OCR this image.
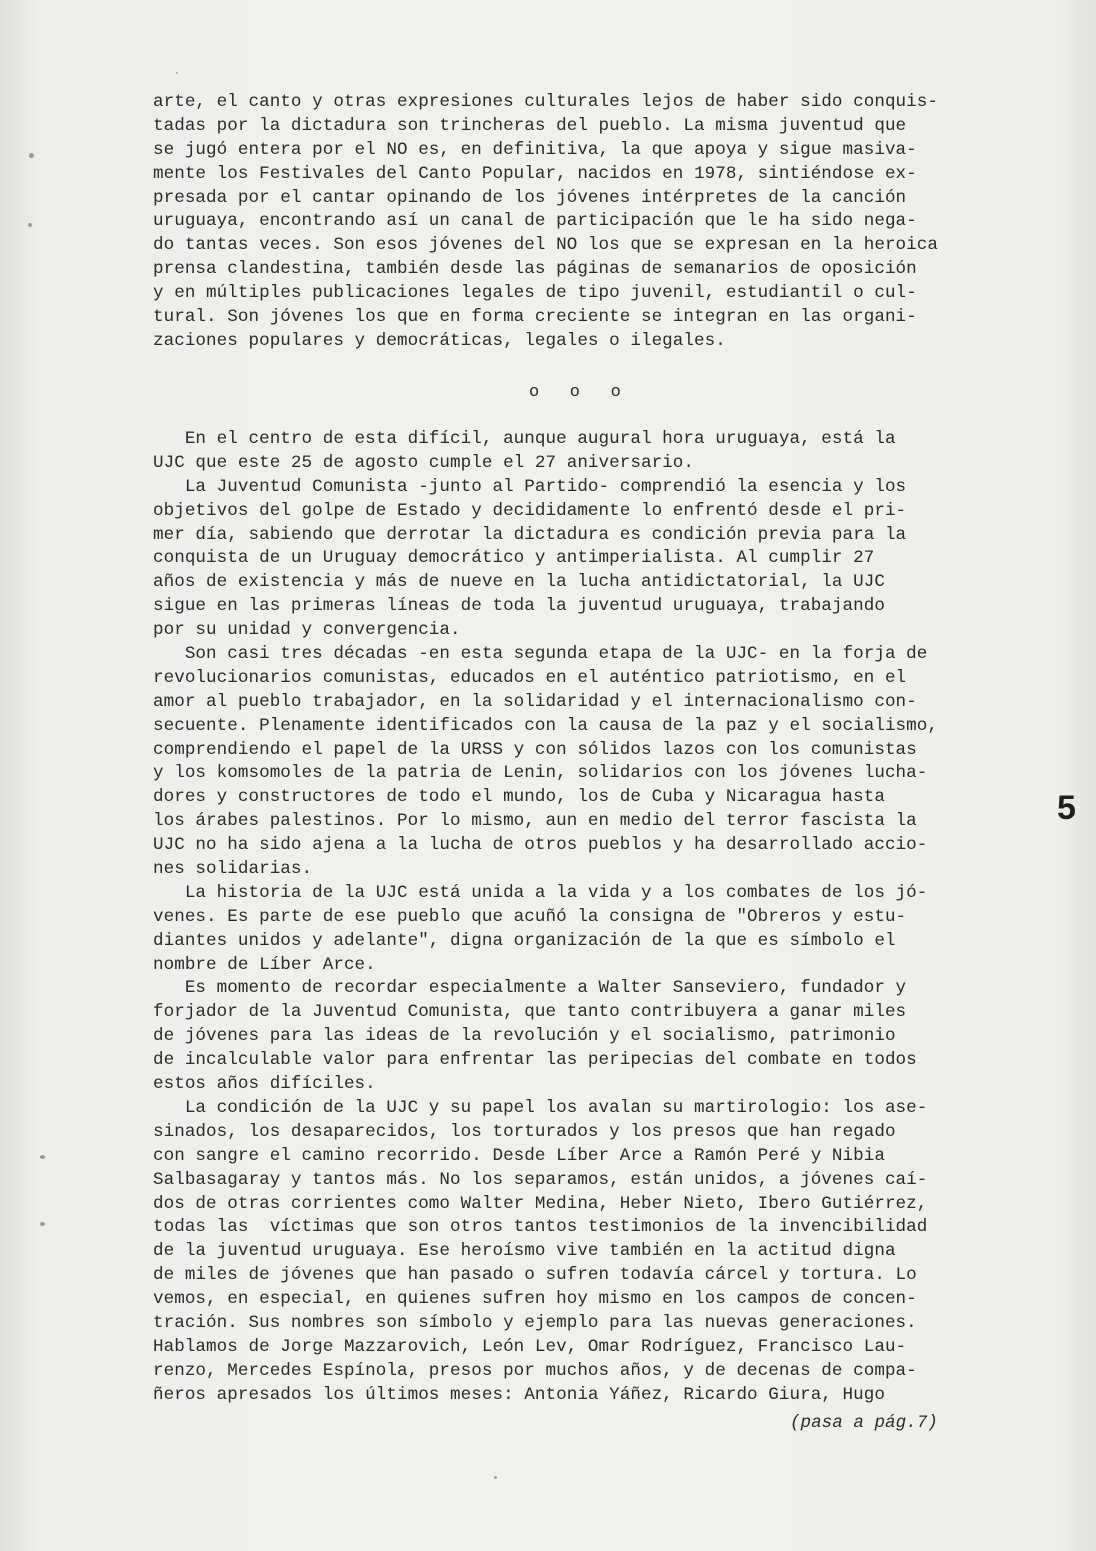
arte, el canto y otras expresiones culturales lejos de haber sido conquis-
tadas por la dictadura son trincheras del pueblo. La misma juventud que
se jugó entera por el NO es, en definitiva, la que apoya y sigue masiva-
mente los Festivales del Canto Popular, nacidos en 1978, sintiéndose ex-
presada por el cantar opinando de los jóvenes intérpretes de la canción
uruguaya, encontrando así un canal de participación que le ha sido nega-
do tantas veces. Son esos jóvenes del NO los que se expresan en la heroica
prensa clandestina, también desde las páginas de semanarios de oposición
y en múltiples publicaciones legales de tipo juvenil, estudiantil o cul-
tural. Son jóvenes los que en forma creciente se integran en las organi-
zaciones populares y democráticas, legales o ilegales.
o   o   o
En el centro de esta difícil, aunque augural hora uruguaya, está la
UJC que este 25 de agosto cumple el 27 aniversario.
La Juventud Comunista -junto al Partido- comprendió la esencia y los
objetivos del golpe de Estado y decididamente lo enfrentó desde el pri-
mer día, sabiendo que derrotar la dictadura es condición previa para la
conquista de un Uruguay democrático y antimperialista. Al cumplir 27
años de existencia y más de nueve en la lucha antidictatorial, la UJC
sigue en las primeras líneas de toda la juventud uruguaya, trabajando
por su unidad y convergencia.
Son casi tres décadas -en esta segunda etapa de la UJC- en la forja de
revolucionarios comunistas, educados en el auténtico patriotismo, en el
amor al pueblo trabajador, en la solidaridad y el internacionalismo con-
secuente. Plenamente identificados con la causa de la paz y el socialismo,
comprendiendo el papel de la URSS y con sólidos lazos con los comunistas
y los komsomoles de la patria de Lenin, solidarios con los jóvenes lucha-
dores y constructores de todo el mundo, los de Cuba y Nicaragua hasta
los árabes palestinos. Por lo mismo, aun en medio del terror fascista la
UJC no ha sido ajena a la lucha de otros pueblos y ha desarrollado accio-
nes solidarias.
La historia de la UJC está unida a la vida y a los combates de los jó-
venes. Es parte de ese pueblo que acuñó la consigna de "Obreros y estu-
diantes unidos y adelante", digna organización de la que es símbolo el
nombre de Líber Arce.
Es momento de recordar especialmente a Walter Sanseviero, fundador y
forjador de la Juventud Comunista, que tanto contribuyera a ganar miles
de jóvenes para las ideas de la revolución y el socialismo, patrimonio
de incalculable valor para enfrentar las peripecias del combate en todos
estos años difíciles.
La condición de la UJC y su papel los avalan su martirologio: los ase-
sinados, los desaparecidos, los torturados y los presos que han regado
con sangre el camino recorrido. Desde Líber Arce a Ramón Peré y Nibia
Salbasagaray y tantos más. No los separamos, están unidos, a jóvenes caí-
dos de otras corrientes como Walter Medina, Heber Nieto, Ibero Gutiérrez,
todas las  víctimas que son otros tantos testimonios de la invencibilidad
de la juventud uruguaya. Ese heroísmo vive también en la actitud digna
de miles de jóvenes que han pasado o sufren todavía cárcel y tortura. Lo
vemos, en especial, en quienes sufren hoy mismo en los campos de concen-
tración. Sus nombres son símbolo y ejemplo para las nuevas generaciones.
Hablamos de Jorge Mazzarovich, León Lev, Omar Rodríguez, Francisco Lau-
renzo, Mercedes Espínola, presos por muchos años, y de decenas de compa-
ñeros apresados los últimos meses: Antonia Yáñez, Ricardo Giura, Hugo
5
(pasa a pág.7)
